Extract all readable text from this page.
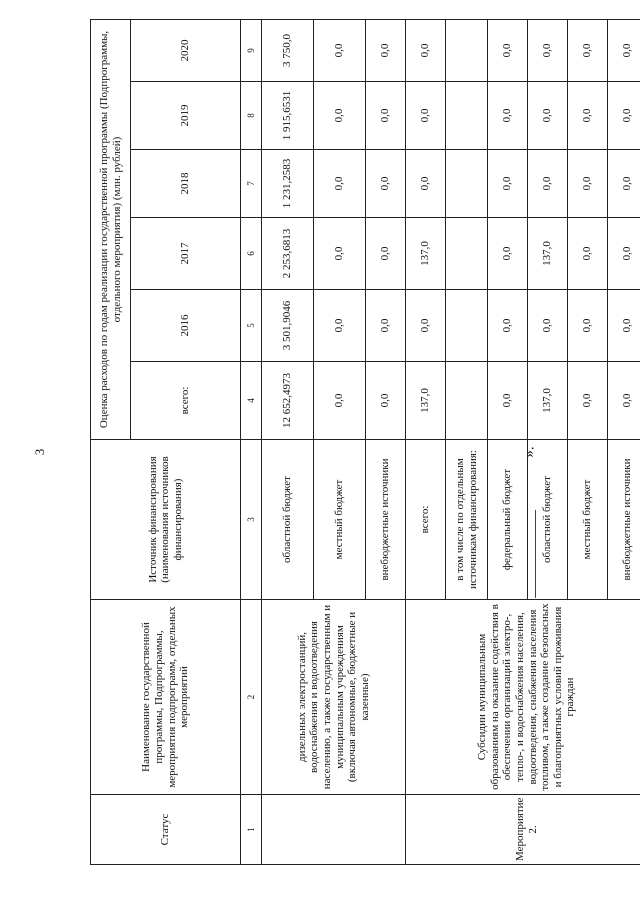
3
Статус	Наименование государственной программы, Подпрограммы, мероприятия подпрограмм, отдельных мероприятий	Источник финансирования (наименования источников финансирования)	Оценка расходов по годам реализации государственной программы (Подпрограммы, отдельного мероприятия) (млн. рублей)					
			всего:	2016	2017	2018	2019	2020
1	2	3	4	5	6	7	8	9
	дизельных электростанций, водоснабжения и водоотведения населению, а также государственным и муниципальным учреждениям (включая автономные, бюджетные и казенные)	областной бюджет	12 652,4973	3 501,9046	2 253,6813	1 231,2583	1 915,6531	3 750,0
		местный бюджет	0,0	0,0	0,0	0,0	0,0	0,0
		внебюджетные источники	0,0	0,0	0,0	0,0	0,0	0,0
Мероприятие 2.	Субсидии муниципальным образованиям на оказание содействия в обеспечении организаций электро-, тепло-, и водоснабжения населения, водоотведения, снабжения населения топливом, а также создание безопасных и благоприятных условий проживания граждан	всего:	137,0	0,0	137,0	0,0	0,0	0,0
		в том числе по отдельным источникам финансирования:						
		федеральный бюджет	0,0	0,0	0,0	0,0	0,0	0,0
		областной бюджет	137,0	0,0	137,0	0,0	0,0	0,0
		местный бюджет	0,0	0,0	0,0	0,0	0,0	0,0
		внебюджетные источники	0,0	0,0	0,0	0,0	0,0	0,0
».
